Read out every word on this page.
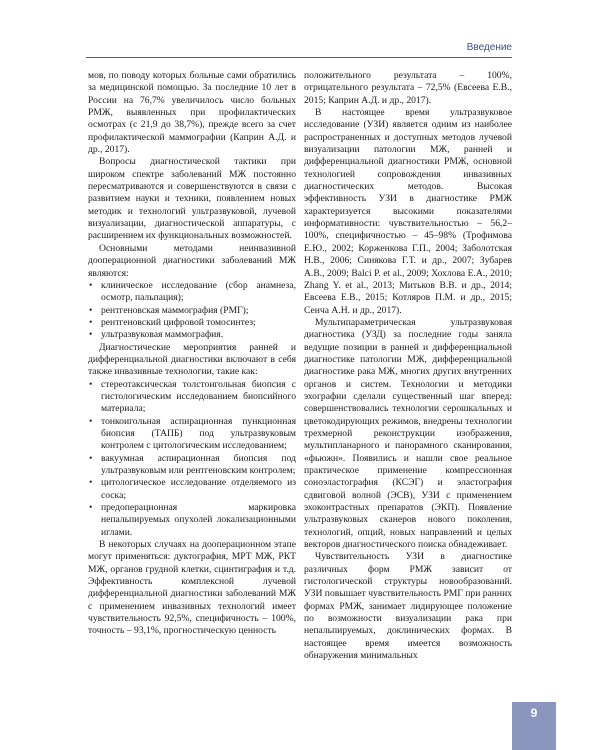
Введение

мов, по поводу которых больные сами обратились за медицинской помощью. За последние 10 лет в России на 76,7% увеличилось число больных РМЖ, выявленных при профилактических осмотрах (с 21,9 до 38,7%), прежде всего за счет профилактической маммографии (Каприн А.Д. и др., 2017).

Вопросы диагностической тактики при широком спектре заболеваний МЖ постоянно пересматриваются и совершенствуются в связи с развитием науки и техники, появлением новых методик и технологий ультразвуковой, лучевой визуализации, диагностической аппаратуры, с расширением их функциональных возможностей.

Основными методами неинвазивной дооперационной диагностики заболеваний МЖ являются:

• клиническое исследование (сбор анамнеза, осмотр, пальпация);
• рентгеновская маммография (РМГ);
• рентгеновский цифровой томосинтез;
• ультразвуковая маммография.

Диагностические мероприятия ранней и дифференциальной диагностики включают в себя также инвазивные технологии, такие как:

• стереотаксическая толстоигольная биопсия с гистологическим исследованием биопсийного материала;
• тонкоигольная аспирационная пункционная биопсия (ТАПБ) под ультразвуковым контролем с цитологическим исследованием;
• вакуумная аспирационная биопсия под ультразвуковым или рентгеновским контролем;
• цитологическое исследование отделяемого из соска;
• предоперационная маркировка непальпируемых опухолей локализационными иглами.

В некоторых случаях на дооперационном этапе могут применяться: дуктография, МРТ МЖ, РКТ МЖ, органов грудной клетки, сцинтиграфия и т.д. Эффективность комплексной лучевой дифференциальной диагностики заболеваний МЖ с применением инвазивных технологий имеет чувствительность 92,5%, специфичность – 100%, точность – 93,1%, прогностическую ценность

положительного результата – 100%, отрицательного результата – 72,5% (Евсеева Е.В., 2015; Каприн А.Д. и др., 2017).

В настоящее время ультразвуковое исследование (УЗИ) является одним из наиболее распространенных и доступных методов лучевой визуализации патологии МЖ, ранней и дифференциальной диагностики РМЖ, основной технологией сопровождения инвазивных диагностических методов. Высокая эффективность УЗИ в диагностике РМЖ характеризуется высокими показателями информативности: чувствительностью – 56,2–100%, специфичностью – 45–98% (Трофимова Е.Ю., 2002; Корженкова Г.П., 2004; Заболотская Н.В., 2006; Синякова Г.Т. и др., 2007; Зубарев А.В., 2009; Balci P. et al., 2009; Хохлова Е.А., 2010; Zhang Y. et al., 2013; Митьков В.В. и др., 2014; Евсеева Е.В., 2015; Котляров П.М. и др., 2015; Сенча А.Н. и др., 2017).

Мультипараметрическая ультразвуковая диагностика (УЗД) за последние годы заняла ведущие позиции в ранней и дифференциальной диагностике патологии МЖ, дифференциальной диагностике рака МЖ, многих других внутренних органов и систем. Технологии и методики эхографии сделали существенный шаг вперед: совершенствовались технологии серошкальных и цветокодирующих режимов, внедрены технологии трехмерной реконструкции изображения, мультипланарного и панорамного сканирования, «фьюжн». Появились и нашли свое реальное практическое применение компрессионная соноэластография (КСЭГ) и эластография сдвиговой волной (ЭСВ), УЗИ с применением эхоконтрастных препаратов (ЭКП). Появление ультразвуковых сканеров нового поколения, технологий, опций, новых направлений и целых векторов диагностического поиска обнадеживает.

Чувствительность УЗИ в диагностике различных форм РМЖ зависит от гистологической структуры новообразований. УЗИ повышает чувствительность РМГ при ранних формах РМЖ, занимает лидирующее положение по возможности визуализации рака при непальпируемых, доклинических формах. В настоящее время имеется возможность обнаружения минимальных

9
